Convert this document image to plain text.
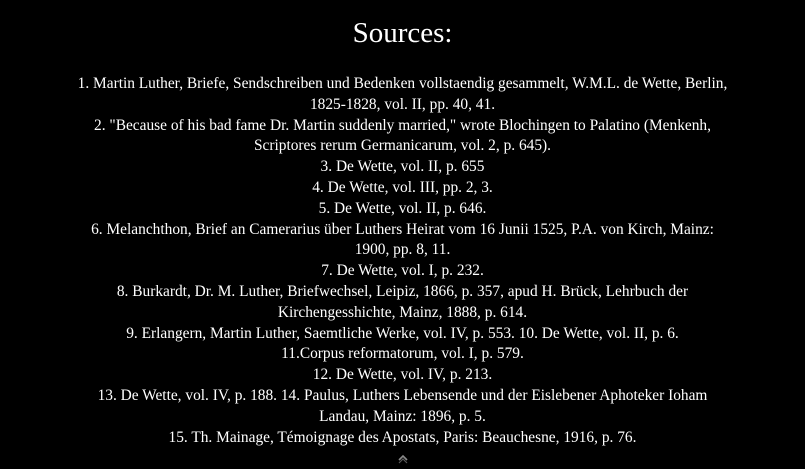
Sources:
1. Martin Luther, Briefe, Sendschreiben und Bedenken vollstaendig gesammelt, W.M.L. de Wette, Berlin,
1825-1828, vol. II, pp. 40, 41.
2. "Because of his bad fame Dr. Martin suddenly married," wrote Blochingen to Palatino (Menkenh,
Scriptores rerum Germanicarum, vol. 2, p. 645).
3. De Wette, vol. II, p. 655
4. De Wette, vol. III, pp. 2, 3.
5. De Wette, vol. II, p. 646.
6. Melanchthon, Brief an Camerarius über Luthers Heirat vom 16 Junii 1525, P.A. von Kirch, Mainz:
1900, pp. 8, 11.
7. De Wette, vol. I, p. 232.
8. Burkardt, Dr. M. Luther, Briefwechsel, Leipiz, 1866, p. 357, apud H. Brück, Lehrbuch der
Kirchengesshichte, Mainz, 1888, p. 614.
9. Erlangern, Martin Luther, Saemtliche Werke, vol. IV, p. 553. 10. De Wette, vol. II, p. 6.
11.Corpus reformatorum, vol. I, p. 579.
12. De Wette, vol. IV, p. 213.
13. De Wette, vol. IV, p. 188. 14. Paulus, Luthers Lebensende und der Eislebener Aphoteker Ioham
Landau, Mainz: 1896, p. 5.
15. Th. Mainage, Témoignage des Apostats, Paris: Beauchesne, 1916, p. 76.
